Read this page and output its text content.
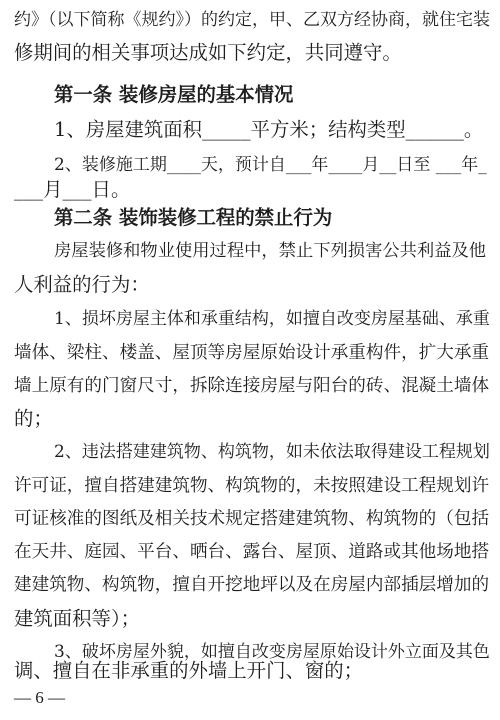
约》（以下简称《规约》）的约定，甲、乙双方经协商，就住宅装
修期间的相关事项达成如下约定，共同遵守。
第一条 装修房屋的基本情况
1、房屋建筑面积_____平方米；结构类型______。
2、装修施工期____天，预计自___年____月__日至 ___年_
___月___日。
第二条 装饰装修工程的禁止行为
房屋装修和物业使用过程中，禁止下列损害公共利益及他
人利益的行为：
1、损坏房屋主体和承重结构，如擅自改变房屋基础、承重
墙体、梁柱、楼盖、屋顶等房屋原始设计承重构件，扩大承重
墙上原有的门窗尺寸，拆除连接房屋与阳台的砖、混凝土墙体
的；
2、违法搭建建筑物、构筑物，如未依法取得建设工程规划
许可证，擅自搭建建筑物、构筑物的，未按照建设工程规划许
可证核准的图纸及相关技术规定搭建建筑物、构筑物的（包括
在天井、庭园、平台、晒台、露台、屋顶、道路或其他场地搭
建建筑物、构筑物，擅自开挖地坪以及在房屋内部插层增加的
建筑面积等）；
3、破坏房屋外貌，如擅自改变房屋原始设计外立面及其色
调、擅自在非承重的外墙上开门、窗的；
— 6 —
